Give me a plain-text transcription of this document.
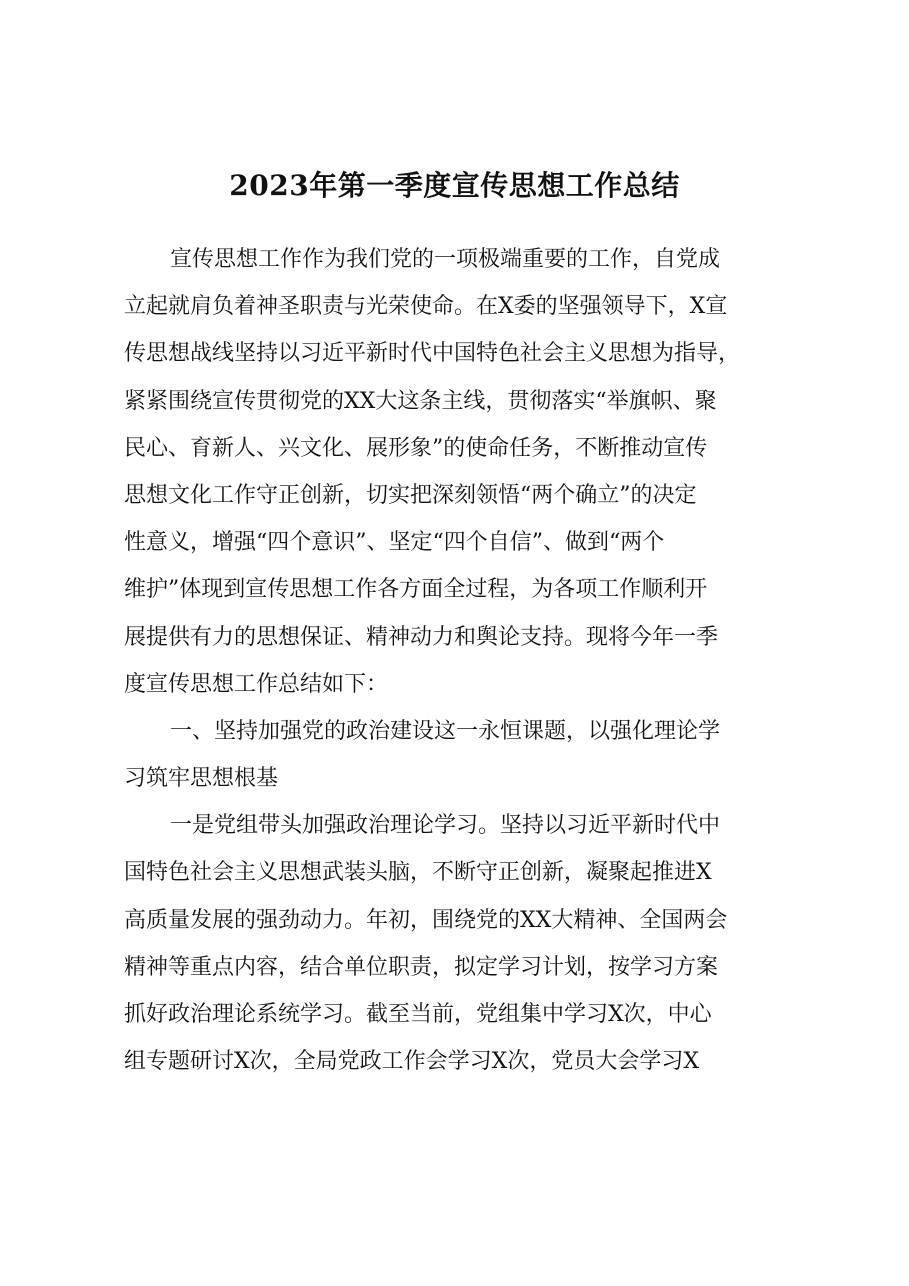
2023年第一季度宣传思想工作总结
宣传思想工作作为我们党的一项极端重要的工作，自党成
立起就肩负着神圣职责与光荣使命。在X委的坚强领导下，X宣
传思想战线坚持以习近平新时代中国特色社会主义思想为指导，
紧紧围绕宣传贯彻党的XX大这条主线，贯彻落实“举旗帜、聚
民心、育新人、兴文化、展形象”的使命任务，不断推动宣传
思想文化工作守正创新，切实把深刻领悟“两个确立”的决定
性意义，增强“四个意识”、坚定“四个自信”、做到“两个
维护”体现到宣传思想工作各方面全过程，为各项工作顺利开
展提供有力的思想保证、精神动力和舆论支持。现将今年一季
度宣传思想工作总结如下：
一、坚持加强党的政治建设这一永恒课题，以强化理论学
习筑牢思想根基
一是党组带头加强政治理论学习。坚持以习近平新时代中
国特色社会主义思想武装头脑，不断守正创新，凝聚起推进X
高质量发展的强劲动力。年初，围绕党的XX大精神、全国两会
精神等重点内容，结合单位职责，拟定学习计划，按学习方案
抓好政治理论系统学习。截至当前，党组集中学习X次，中心
组专题研讨X次，全局党政工作会学习X次，党员大会学习X
